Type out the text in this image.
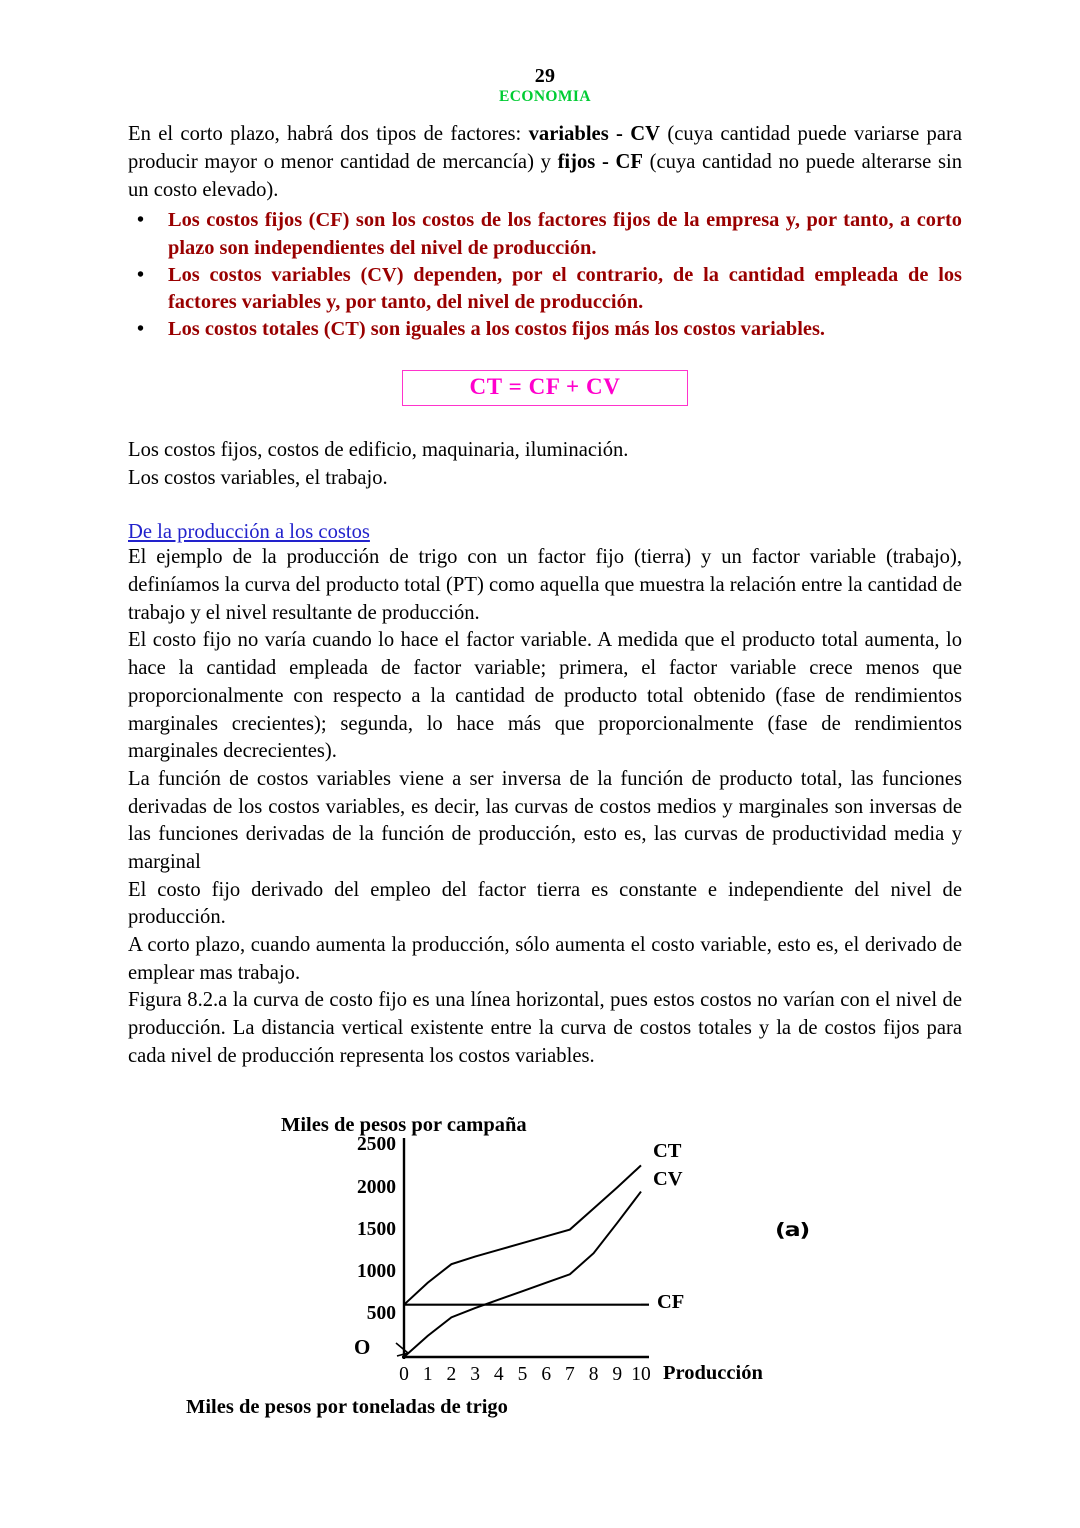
29
ECONOMIA

En el corto plazo, habrá dos tipos de factores: variables - CV (cuya cantidad puede variarse para producir mayor o menor cantidad de mercancía) y fijos - CF (cuya cantidad no puede alterarse sin un costo elevado).

• Los costos fijos (CF) son los costos de los factores fijos de la empresa y, por tanto, a corto plazo son independientes del nivel de producción.
• Los costos variables (CV) dependen, por el contrario, de la cantidad empleada de los factores variables y, por tanto, del nivel de producción.
• Los costos totales (CT) son iguales a los costos fijos más los costos variables.
CT = CF + CV

Los costos fijos, costos de edificio, maquinaria, iluminación.

Los costos variables, el trabajo.

De la producción a los costos

El ejemplo de la producción de trigo con un factor fijo (tierra) y un factor variable (trabajo), definíamos la curva del producto total (PT) como aquella que muestra la relación entre la cantidad de trabajo y el nivel resultante de producción.

El costo fijo no varía cuando lo hace el factor variable. A medida que el producto total aumenta, lo hace la cantidad empleada de factor variable; primera, el factor variable crece menos que proporcionalmente con respecto a la cantidad de producto total obtenido (fase de rendimientos marginales crecientes); segunda, lo hace más que proporcionalmente (fase de rendimientos marginales decrecientes).

La función de costos variables viene a ser inversa de la función de producto total, las funciones derivadas de los costos variables, es decir, las curvas de costos medios y marginales son inversas de las funciones derivadas de la función de producción, esto es, las curvas de productividad media y marginal

El costo fijo derivado del empleo del factor tierra es constante e independiente del nivel de producción.

A corto plazo, cuando aumenta la producción, sólo aumenta el costo variable, esto es, el derivado de emplear mas trabajo.

Figura 8.2.a la curva de costo fijo es una línea horizontal, pues estos costos no varían con el nivel de producción. La distancia vertical existente entre la curva de costos totales y la de costos fijos para cada nivel de producción representa los costos variables.

Miles de pesos por campaña
2500
2000
1500
1000
500
O
0 1 2 3 4 5 6 7 8 9 10
CT
CV
CF
Producción
(a)
Miles de pesos por toneladas de trigo
